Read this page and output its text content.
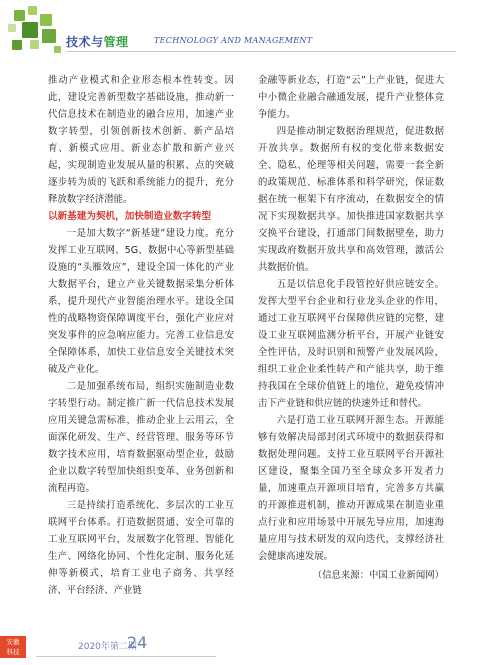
技术与管理	TECHNOLOGY AND MANAGEMENT

推动产业模式和企业形态根本性转变。因此，建设完善新型数字基础设施，推动新一代信息技术在制造业的融合应用，加速产业数字转型，引领创新技术创新、新产品培育、新模式应用、新业态扩散和新产业兴起，实现制造业发展从量的积累、点的突破逐步转为质的飞跃和系统能力的提升，充分释放数字经济潜能。

以新基建为契机，加快制造业数字转型

一是加大数字“新基建”建设力度。充分发挥工业互联网、5G、数据中心等新型基础设施的“头雁效应”，建设全国一体化的产业大数据平台，建立产业关键数据采集分析体系，提升现代产业智能治理水平。建设全国性的战略物资保障调度平台，强化产业应对突发事件的应急响应能力。完善工业信息安全保障体系，加快工业信息安全关键技术突破及产业化。

二是加强系统布局，组织实施制造业数字转型行动。制定推广新一代信息技术发展应用关键急需标准，推动企业上云用云，全面深化研发、生产、经营管理、服务等环节数字技术应用，培育数据驱动型企业，鼓励企业以数字转型加快组织变革、业务创新和流程再造。

三是持续打造系统化、多层次的工业互联网平台体系。打造数据贯通、安全可靠的工业互联网平台，发展数字化管理、智能化生产、网络化协同、个性化定制、服务化延伸等新模式，培育工业电子商务、共享经济、平台经济、产业链

金融等新业态，打造“云”上产业链，促进大中小微企业融合融通发展，提升产业整体竞争能力。

四是推动制定数据治理规范，促进数据开放共享。数据所有权的变化带来数据安全、隐私、伦理等相关问题，需要一套全新的政策规范、标准体系和科学研究，保证数据在统一框架下有序流动，在数据安全的情况下实现数据共享。加快推进国家数据共享交换平台建设，打通部门间数据壁垒，助力实现政府数据开放共享和高效管理，激活公共数据价值。

五是以信息化手段管控好供应链安全。发挥大型平台企业和行业龙头企业的作用，通过工业互联网平台保障供应链的完整，建设工业互联网监测分析平台，开展产业链安全性评估，及时识别和预警产业发展风险，组织工业企业柔性转产和产能共享，助于维持我国在全球价值链上的地位，避免疫情冲击下产业链和供应链的快速外迁和替代。

六是打造工业互联网开源生态。开源能够有效解决局部封闭式环境中的数据获得和数据处理问题。支持工业互联网平台开源社区建设，聚集全国乃至全球众多开发者力量，加速重点开源项目培育，完善多方共赢的开源推进机制，推动开源成果在制造业重点行业和应用场景中开展先导应用，加速海量应用与技术研发的双向迭代，支撑经济社会健康高速发展。

（信息来源：中国工业新闻网）

安徽
科技	2020年第二期
24
